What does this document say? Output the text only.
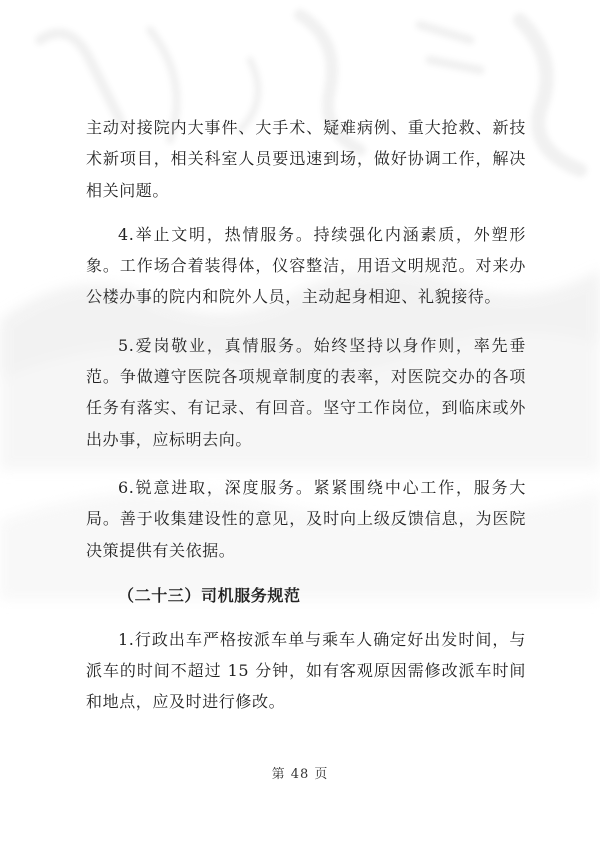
主动对接院内大事件、大手术、疑难病例、重大抢救、新技术新项目，相关科室人员要迅速到场，做好协调工作，解决相关问题。

4.举止文明，热情服务。持续强化内涵素质，外塑形象。工作场合着装得体，仪容整洁，用语文明规范。对来办公楼办事的院内和院外人员，主动起身相迎、礼貌接待。

5.爱岗敬业，真情服务。始终坚持以身作则，率先垂范。争做遵守医院各项规章制度的表率，对医院交办的各项任务有落实、有记录、有回音。坚守工作岗位，到临床或外出办事，应标明去向。

6.锐意进取，深度服务。紧紧围绕中心工作，服务大局。善于收集建设性的意见，及时向上级反馈信息，为医院决策提供有关依据。

（二十三）司机服务规范

1.行政出车严格按派车单与乘车人确定好出发时间，与派车的时间不超过 15 分钟，如有客观原因需修改派车时间和地点，应及时进行修改。

第 48 页
